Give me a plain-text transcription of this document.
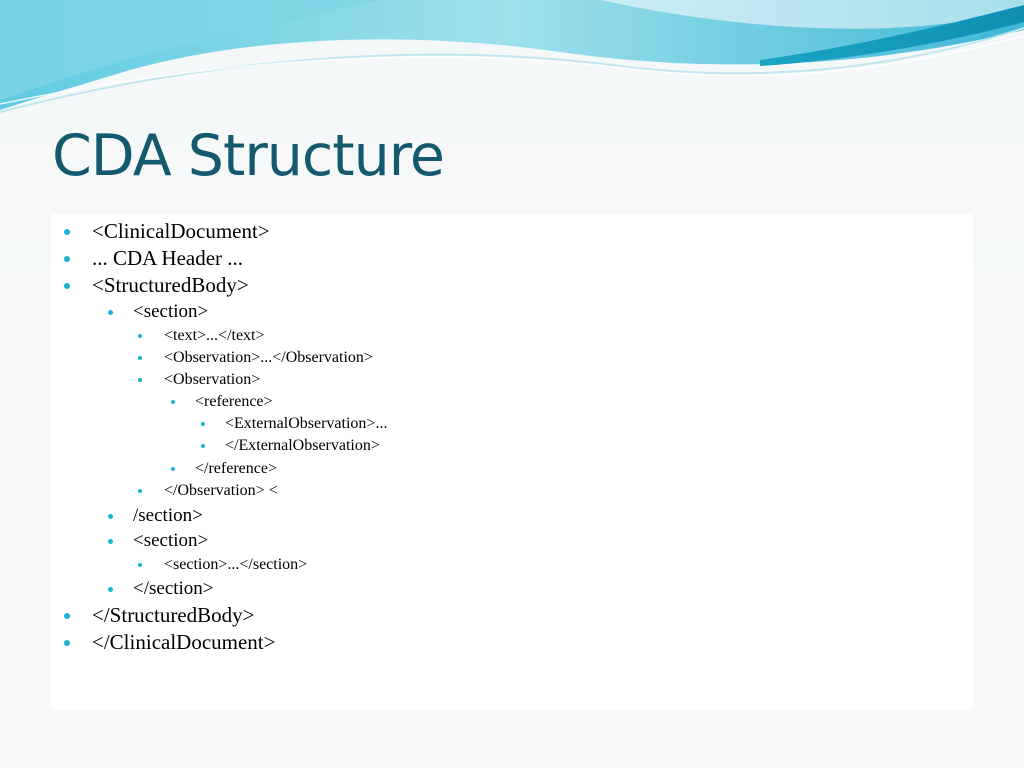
CDA Structure
<ClinicalDocument>
... CDA Header ...
<StructuredBody>
<section>
<text>...</text>
<Observation>...</Observation>
<Observation>
<reference>
<ExternalObservation>...
</ExternalObservation>
</reference>
</Observation> <
/section>
<section>
<section>...</section>
</section>
</StructuredBody>
</ClinicalDocument>
